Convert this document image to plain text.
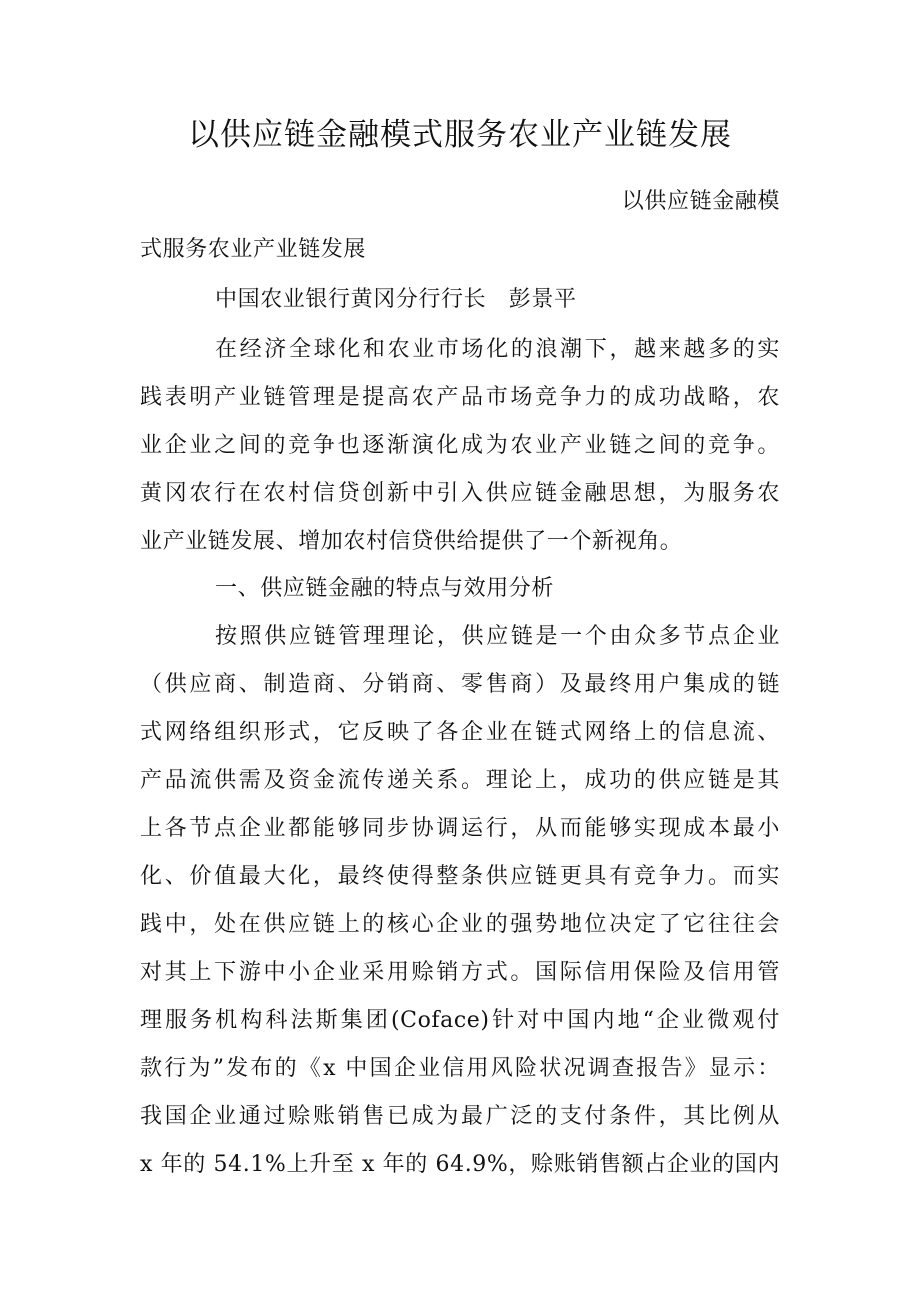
以供应链金融模式服务农业产业链发展
以供应链金融模
式服务农业产业链发展
中国农业银行黄冈分行行长　彭景平
在经济全球化和农业市场化的浪潮下，越来越多的实
践表明产业链管理是提高农产品市场竞争力的成功战略，农
业企业之间的竞争也逐渐演化成为农业产业链之间的竞争。
黄冈农行在农村信贷创新中引入供应链金融思想，为服务农
业产业链发展、增加农村信贷供给提供了一个新视角。
一、供应链金融的特点与效用分析
按照供应链管理理论，供应链是一个由众多节点企业
（供应商、制造商、分销商、零售商）及最终用户集成的链
式网络组织形式，它反映了各企业在链式网络上的信息流、
产品流供需及资金流传递关系。理论上，成功的供应链是其
上各节点企业都能够同步协调运行，从而能够实现成本最小
化、价值最大化，最终使得整条供应链更具有竞争力。而实
践中，处在供应链上的核心企业的强势地位决定了它往往会
对其上下游中小企业采用赊销方式。国际信用保险及信用管
理服务机构科法斯集团(Coface)针对中国内地“企业微观付
款行为”发布的《x 中国企业信用风险状况调查报告》显示：
我国企业通过赊账销售已成为最广泛的支付条件，其比例从
x 年的 54.1%上升至 x 年的 64.9%，赊账销售额占企业的国内
